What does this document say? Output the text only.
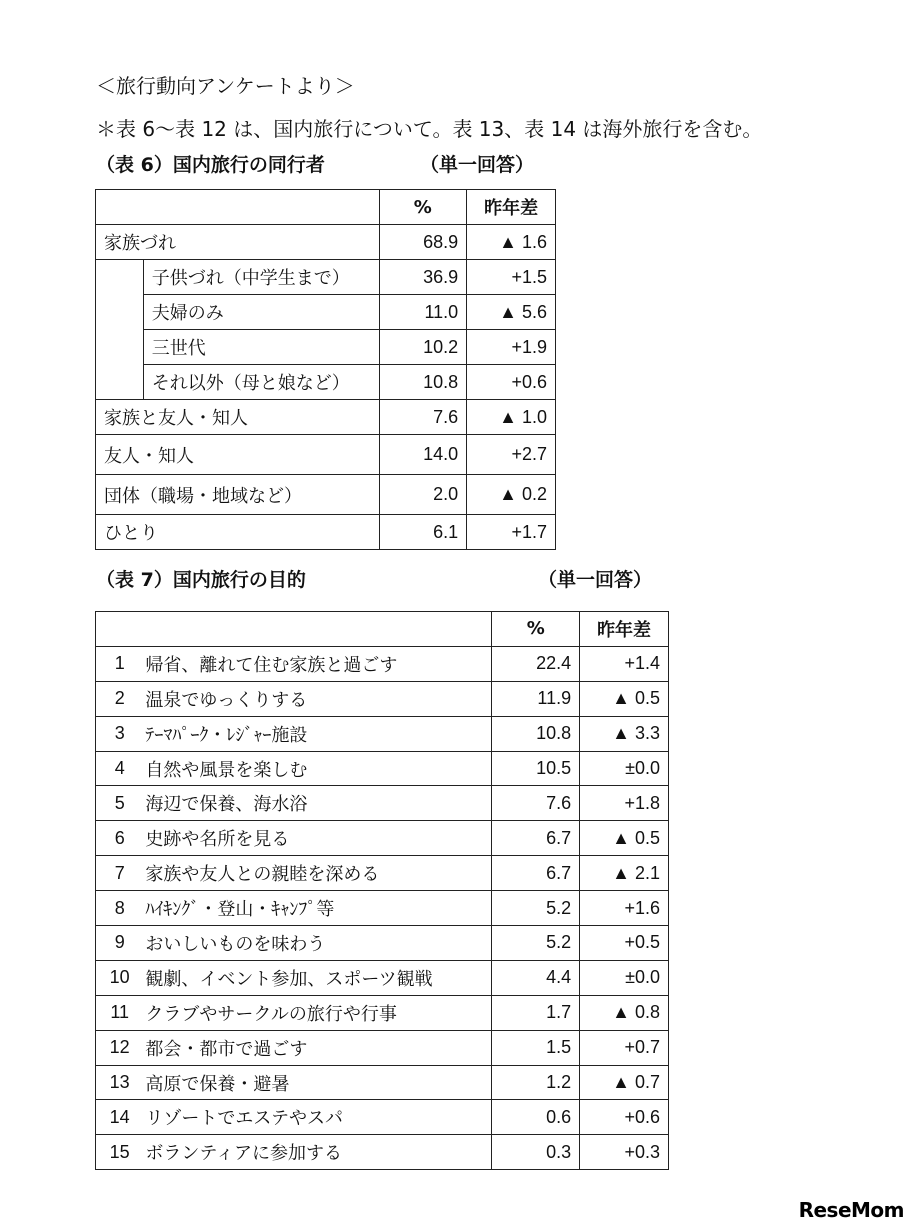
＜旅行動向アンケートより＞
＊表 6〜表 12 は、国内旅行について。表 13、表 14 は海外旅行を含む。
（表 6）国内旅行の同行者	（単一回答）
		%	昨年差
家族づれ		68.9	▲ 1.6
	子供づれ（中学生まで）	36.9	+1.5
	夫婦のみ	11.0	▲ 5.6
	三世代	10.2	+1.9
	それ以外（母と娘など）	10.8	+0.6
家族と友人・知人		7.6	▲ 1.0
友人・知人		14.0	+2.7
団体（職場・地域など）		2.0	▲ 0.2
ひとり		6.1	+1.7
（表 7）国内旅行の目的	（単一回答）
		%	昨年差
1	帰省、離れて住む家族と過ごす	22.4	+1.4
2	温泉でゆっくりする	11.9	▲ 0.5
3	ﾃｰﾏﾊﾟｰｸ・ﾚｼﾞｬｰ施設	10.8	▲ 3.3
4	自然や風景を楽しむ	10.5	±0.0
5	海辺で保養、海水浴	7.6	+1.8
6	史跡や名所を見る	6.7	▲ 0.5
7	家族や友人との親睦を深める	6.7	▲ 2.1
8	ﾊｲｷﾝｸﾞ・登山・ｷｬﾝﾌﾟ等	5.2	+1.6
9	おいしいものを味わう	5.2	+0.5
10	観劇、イベント参加、スポーツ観戦	4.4	±0.0
11	クラブやサークルの旅行や行事	1.7	▲ 0.8
12	都会・都市で過ごす	1.5	+0.7
13	高原で保養・避暑	1.2	▲ 0.7
14	リゾートでエステやスパ	0.6	+0.6
15	ボランティアに参加する	0.3	+0.3
ReseMom
